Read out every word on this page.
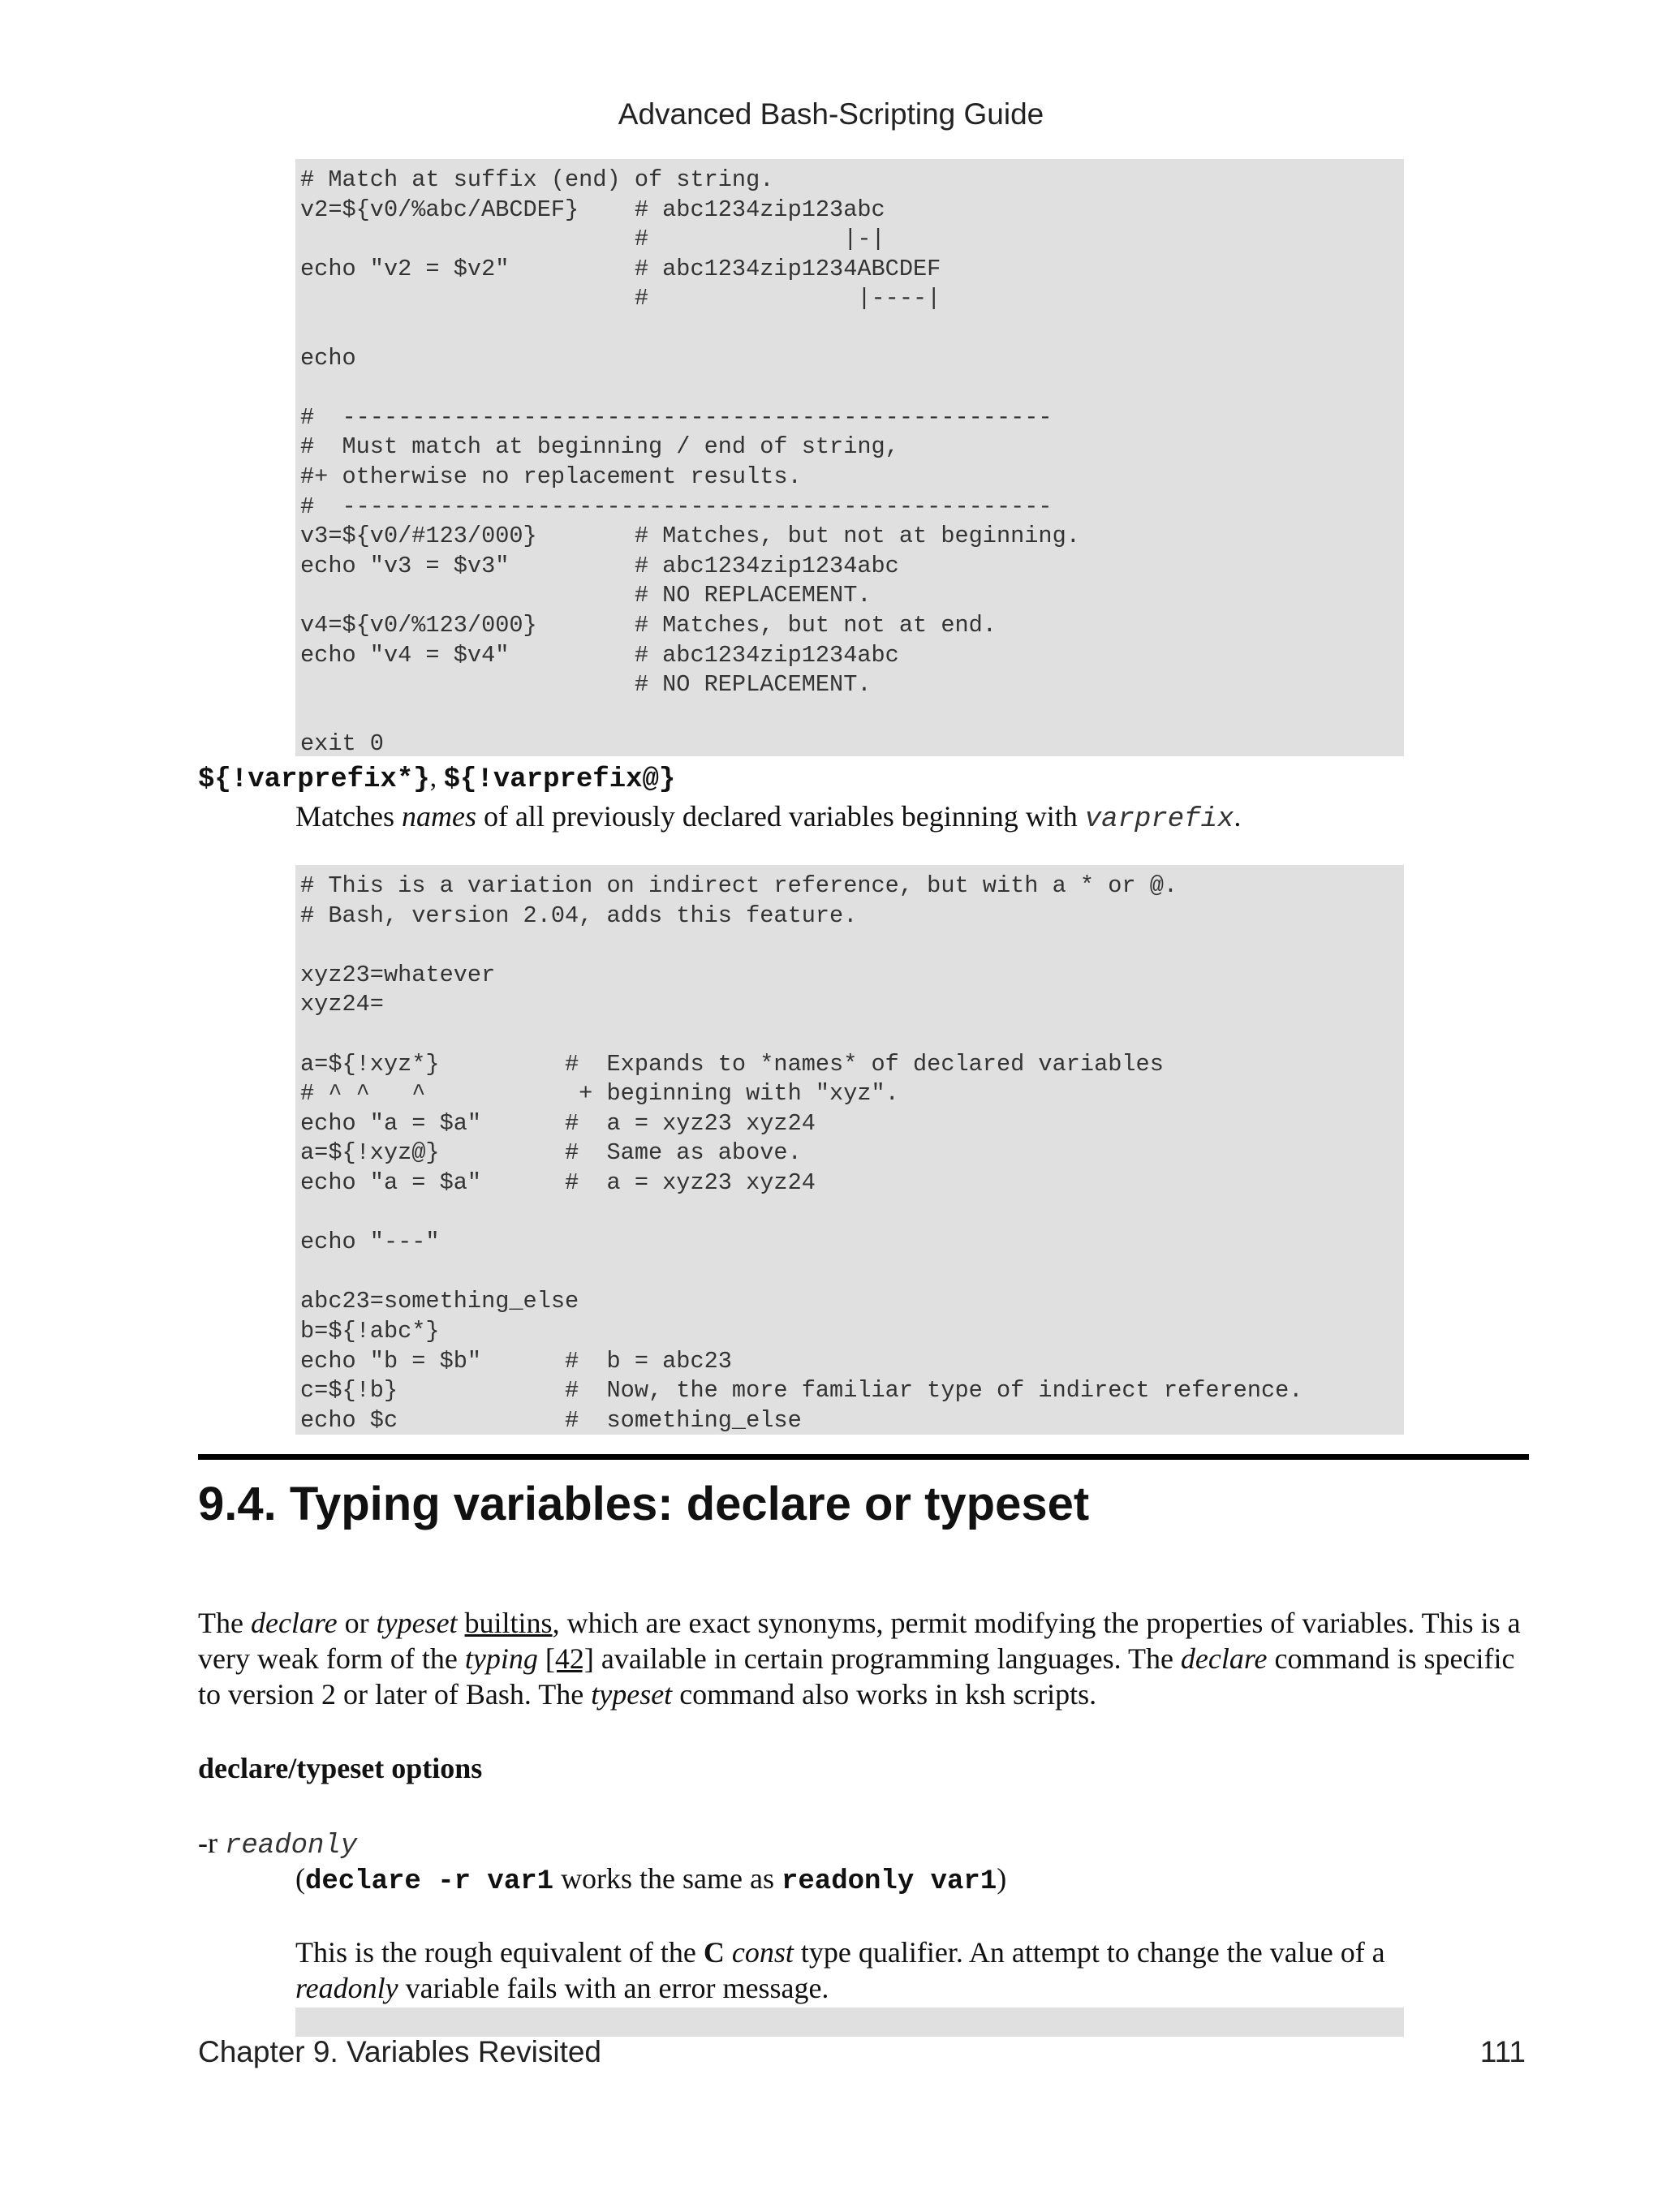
Advanced Bash-Scripting Guide
# Match at suffix (end) of string.
v2=${v0/%abc/ABCDEF}    # abc1234zip123abc
#              |-|
echo "v2 = $v2"         # abc1234zip1234ABCDEF
#               |----|
echo
#  ---------------------------------------------------
#  Must match at beginning / end of string,
#+ otherwise no replacement results.
#  ---------------------------------------------------
v3=${v0/#123/000}       # Matches, but not at beginning.
echo "v3 = $v3"         # abc1234zip1234abc
# NO REPLACEMENT.
v4=${v0/%123/000}       # Matches, but not at end.
echo "v4 = $v4"         # abc1234zip1234abc
# NO REPLACEMENT.
exit 0
${!varprefix*}, ${!varprefix@}
Matches names of all previously declared variables beginning with varprefix.
# This is a variation on indirect reference, but with a * or @.
# Bash, version 2.04, adds this feature.
xyz23=whatever
xyz24=
a=${!xyz*}         #  Expands to *names* of declared variables
# ^ ^   ^           + beginning with "xyz".
echo "a = $a"      #  a = xyz23 xyz24
a=${!xyz@}         #  Same as above.
echo "a = $a"      #  a = xyz23 xyz24
echo "---"
abc23=something_else
b=${!abc*}
echo "b = $b"      #  b = abc23
c=${!b}            #  Now, the more familiar type of indirect reference.
echo $c            #  something_else
9.4. Typing variables: declare or typeset
The declare or typeset builtins, which are exact synonyms, permit modifying the properties of variables. This is a very weak form of the typing [42] available in certain programming languages. The declare command is specific to version 2 or later of Bash. The typeset command also works in ksh scripts.
declare/typeset options
-r readonly
(declare -r var1 works the same as readonly var1)
This is the rough equivalent of the C const type qualifier. An attempt to change the value of a readonly variable fails with an error message.
Chapter 9. Variables Revisited	111
